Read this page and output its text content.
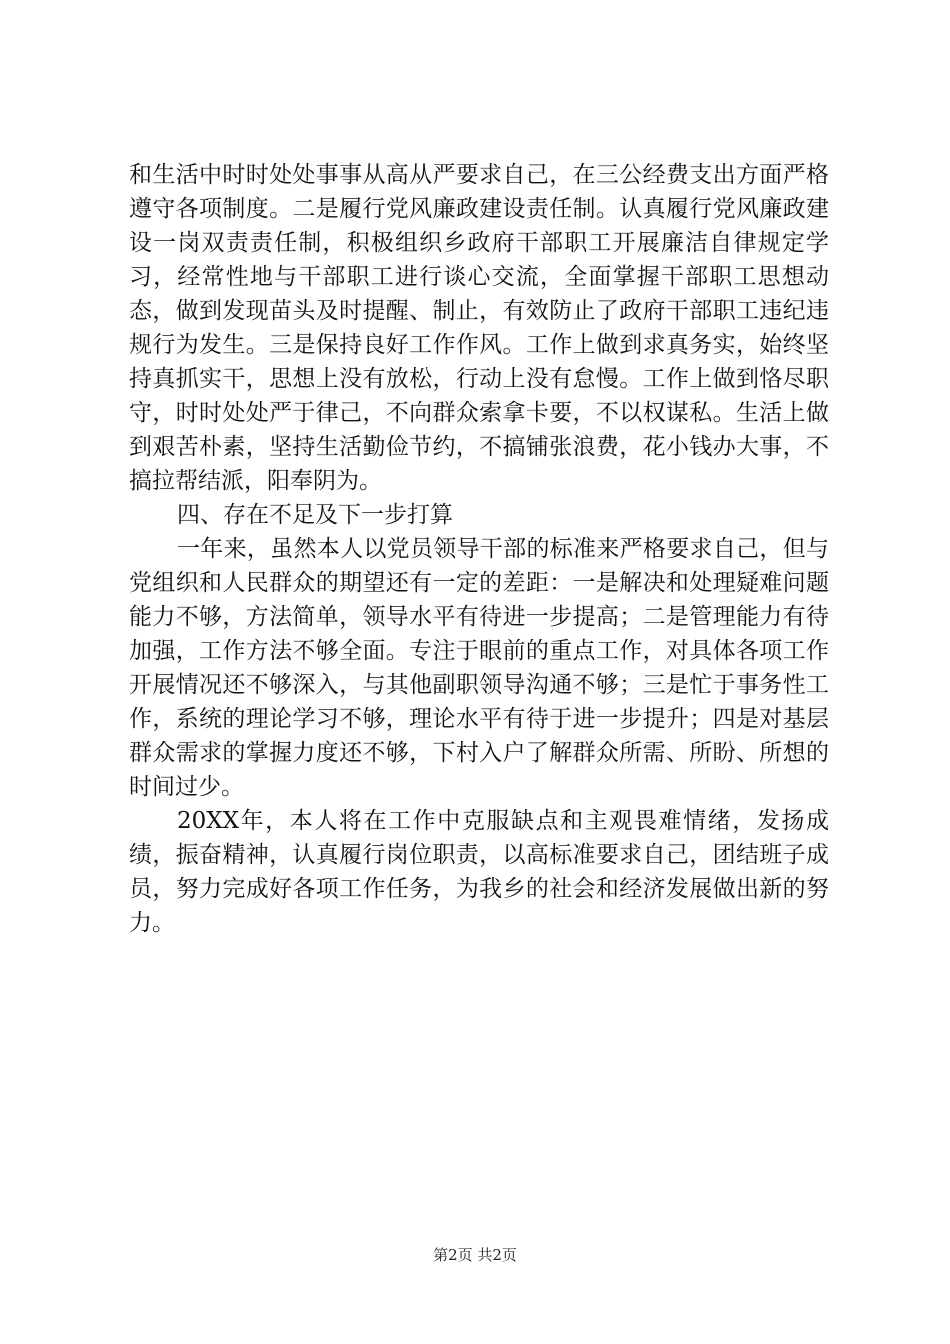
和生活中时时处处事事从高从严要求自己，在三公经费支出方面严格遵守各项制度。二是履行党风廉政建设责任制。认真履行党风廉政建设一岗双责责任制，积极组织乡政府干部职工开展廉洁自律规定学习，经常性地与干部职工进行谈心交流，全面掌握干部职工思想动态，做到发现苗头及时提醒、制止，有效防止了政府干部职工违纪违规行为发生。三是保持良好工作作风。工作上做到求真务实，始终坚持真抓实干，思想上没有放松，行动上没有怠慢。工作上做到恪尽职守，时时处处严于律己，不向群众索拿卡要，不以权谋私。生活上做到艰苦朴素，坚持生活勤俭节约，不搞铺张浪费，花小钱办大事，不搞拉帮结派，阳奉阴为。

四、存在不足及下一步打算

一年来，虽然本人以党员领导干部的标准来严格要求自己，但与党组织和人民群众的期望还有一定的差距：一是解决和处理疑难问题能力不够，方法简单，领导水平有待进一步提高；二是管理能力有待加强，工作方法不够全面。专注于眼前的重点工作，对具体各项工作开展情况还不够深入，与其他副职领导沟通不够；三是忙于事务性工作，系统的理论学习不够，理论水平有待于进一步提升；四是对基层群众需求的掌握力度还不够，下村入户了解群众所需、所盼、所想的时间过少。

20XX年，本人将在工作中克服缺点和主观畏难情绪，发扬成绩，振奋精神，认真履行岗位职责，以高标准要求自己，团结班子成员，努力完成好各项工作任务，为我乡的社会和经济发展做出新的努力。

第2页 共2页
